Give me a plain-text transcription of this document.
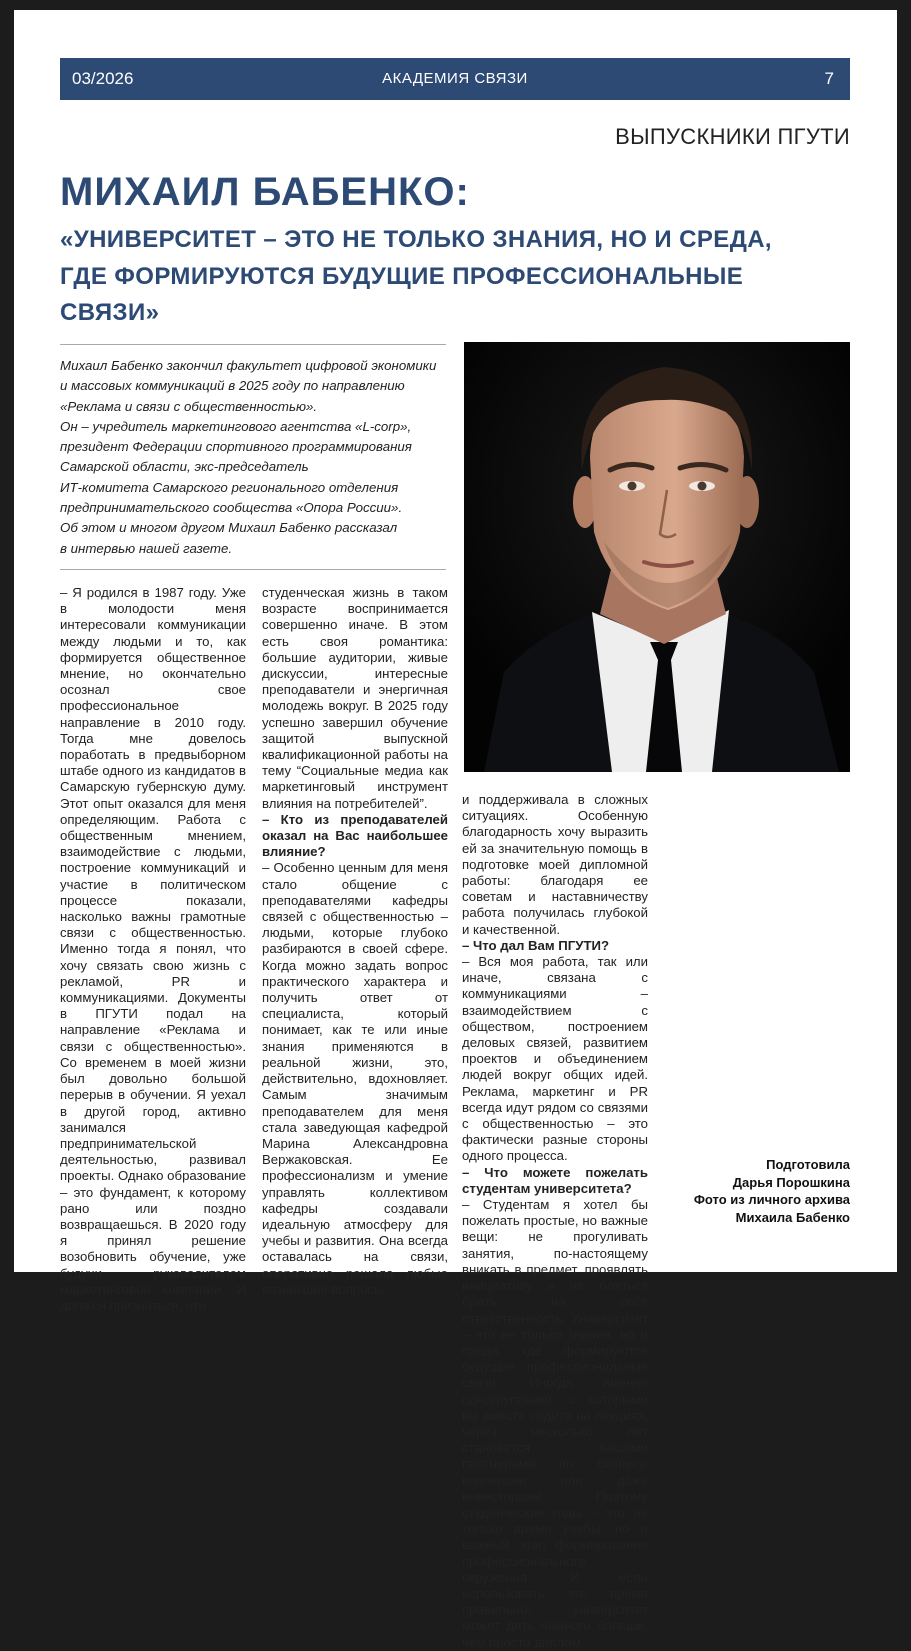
03/2026	АКАДЕМИЯ СВЯЗИ	7
ВЫПУСКНИКИ ПГУТИ
МИХАИЛ БАБЕНКО:
«УНИВЕРСИТЕТ – ЭТО НЕ ТОЛЬКО ЗНАНИЯ, НО И СРЕДА, ГДЕ ФОРМИРУЮТСЯ БУДУЩИЕ ПРОФЕССИОНАЛЬНЫЕ СВЯЗИ»

Михаил Бабенко закончил факультет цифровой экономики

и массовых коммуникаций в 2025 году по направлению

«Реклама и связи с общественностью».

Он – учредитель маркетингового агентства «L-corp»,

президент Федерации спортивного программирования

Самарской области, экс-председатель

ИТ-комитета Самарского регионального отделения

предпринимательского сообщества «Опора России».

Об этом и многом другом Михаил Бабенко рассказал

в интервью нашей газете.

– Я родился в 1987 году. Уже в молодости меня интересовали коммуникации между людьми и то, как формируется общественное мнение, но окончательно осознал свое профессиональное направление в 2010 году. Тогда мне довелось поработать в предвыборном штабе одного из кандидатов в Самарскую губернскую думу. Этот опыт оказался для меня определяющим. Работа с общественным мнением, взаимодействие с людьми, построение коммуникаций и участие в политическом процессе показали, насколько важны грамотные связи с общественностью. Именно тогда я понял, что хочу связать свою жизнь с рекламой, PR и коммуникациями. Документы в ПГУТИ подал на направление «Реклама и связи с общественностью». Со временем в моей жизни был довольно большой перерыв в обучении. Я уехал в другой город, активно занимался предпринимательской деятельностью, развивал проекты. Однако образование – это фундамент, к которому рано или поздно возвращаешься. В 2020 году я принял решение возобновить обучение, уже будучи руководителем маркетинговой компании. И должен признаться, что

студенческая жизнь в таком возрасте воспринимается совершенно иначе. В этом есть своя романтика: большие аудитории, живые дискуссии, интересные преподаватели и энергичная молодежь вокруг. В 2025 году успешно завершил обучение защитой выпускной квалификационной работы на тему “Социальные медиа как маркетинговый инструмент влияния на потребителей”.

– Кто из преподавателей оказал на Вас наибольшее влияние?

– Особенно ценным для меня стало общение с преподавателями кафедры связей с общественностью – людьми, которые глубоко разбираются в своей сфере. Когда можно задать вопрос практического характера и получить ответ от специалиста, который понимает, как те или иные знания применяются в реальной жизни, это, действительно, вдохновляет. Самым значимым преподавателем для меня стала заведующая кафедрой Марина Александровна Вержаковская. Ее профессионализм и умение управлять коллективом кафедры создавали идеальную атмосферу для учебы и развития. Она всегда оставалась на связи, оперативно решала любые возникшие вопросы

и поддерживала в сложных ситуациях. Особенную благодарность хочу выразить ей за значительную помощь в подготовке моей дипломной работы: благодаря ее советам и наставничеству работа получилась глубокой и качественной.

– Что дал Вам ПГУТИ?

– Вся моя работа, так или иначе, связана с коммуникациями – взаимодействием с обществом, построением деловых связей, развитием проектов и объединением людей вокруг общих идей. Реклама, маркетинг и PR всегда идут рядом со связями с общественностью – это фактически разные стороны одного процесса.

– Что можете пожелать студентам университета?

– Студентам я хотел бы пожелать простые, но важные вещи: не прогуливать занятия, по-настоящему вникать в предмет, проявлять инициативу и не бояться брать на себя ответственность. Университет – это не только знания, но и среда, где формируются будущие профессиональные связи. Иногда именно одногруппники, с которыми вы вместе сидите на лекциях, через несколько лет становятся вашими партнерами по бизнесу, коллегами или даже инвесторами. Поэтому студенческие годы – это не только время учебы, но и важный этап формирования профессионального окружения. И если использовать это время правильно, университет может дать намного больше, чем просто диплом.

Подготовила
Дарья Порошкина
Фото из личного архива
Михаила Бабенко
